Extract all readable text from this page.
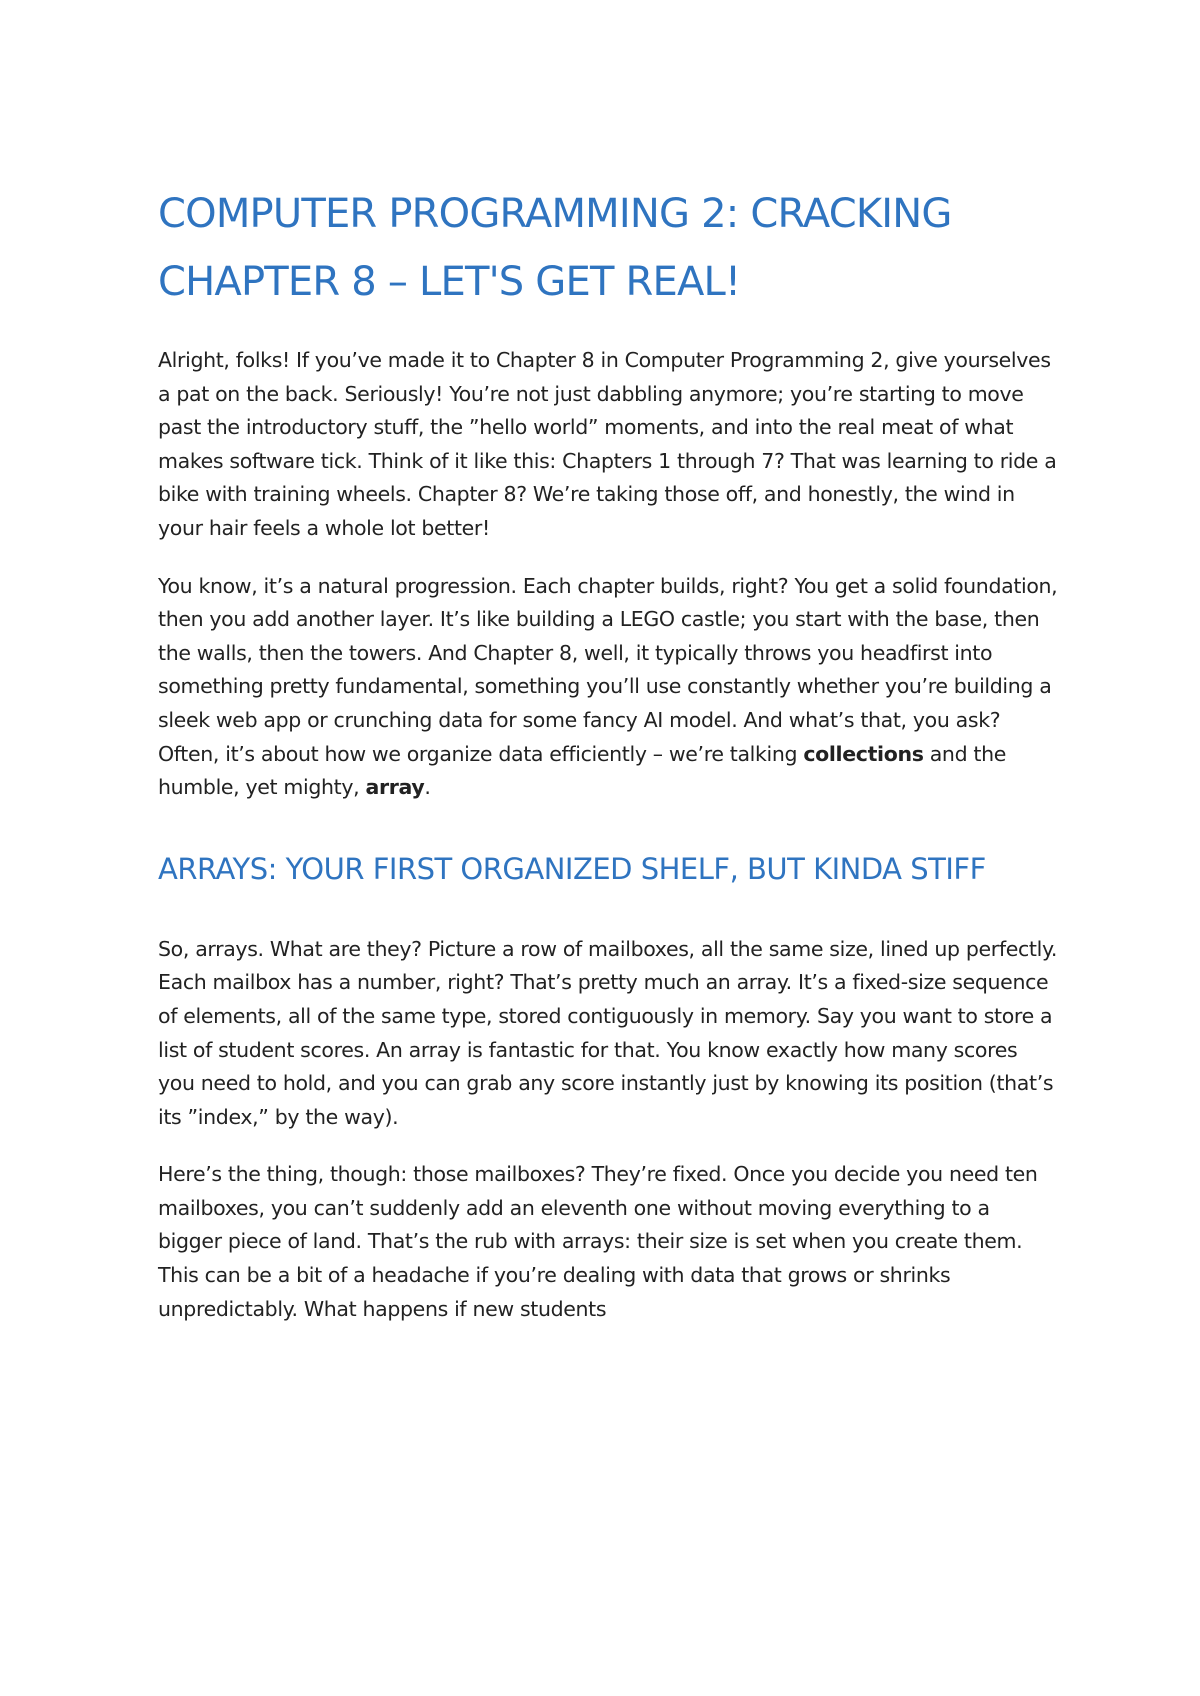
COMPUTER PROGRAMMING 2: CRACKING CHAPTER 8 – LET'S GET REAL!

Alright, folks! If you’ve made it to Chapter 8 in Computer Programming 2, give yourselves a pat on the back. Seriously! You’re not just dabbling anymore; you’re starting to move past the introductory stuff, the ”hello world” moments, and into the real meat of what makes software tick. Think of it like this: Chapters 1 through 7? That was learning to ride a bike with training wheels. Chapter 8? We’re taking those off, and honestly, the wind in your hair feels a whole lot better!

You know, it’s a natural progression. Each chapter builds, right? You get a solid foundation, then you add another layer. It’s like building a LEGO castle; you start with the base, then the walls, then the towers. And Chapter 8, well, it typically throws you headfirst into something pretty fundamental, something you’ll use constantly whether you’re building a sleek web app or crunching data for some fancy AI model. And what’s that, you ask? Often, it’s about how we organize data efficiently – we’re talking collections and the humble, yet mighty, array.

ARRAYS: YOUR FIRST ORGANIZED SHELF, BUT KINDA STIFF

So, arrays. What are they? Picture a row of mailboxes, all the same size, lined up perfectly. Each mailbox has a number, right? That’s pretty much an array. It’s a fixed-size sequence of elements, all of the same type, stored contiguously in memory. Say you want to store a list of student scores. An array is fantastic for that. You know exactly how many scores you need to hold, and you can grab any score instantly just by knowing its position (that’s its ”index,” by the way).

Here’s the thing, though: those mailboxes? They’re fixed. Once you decide you need ten mailboxes, you can’t suddenly add an eleventh one without moving everything to a bigger piece of land. That’s the rub with arrays: their size is set when you create them. This can be a bit of a headache if you’re dealing with data that grows or shrinks unpredictably. What happens if new students
